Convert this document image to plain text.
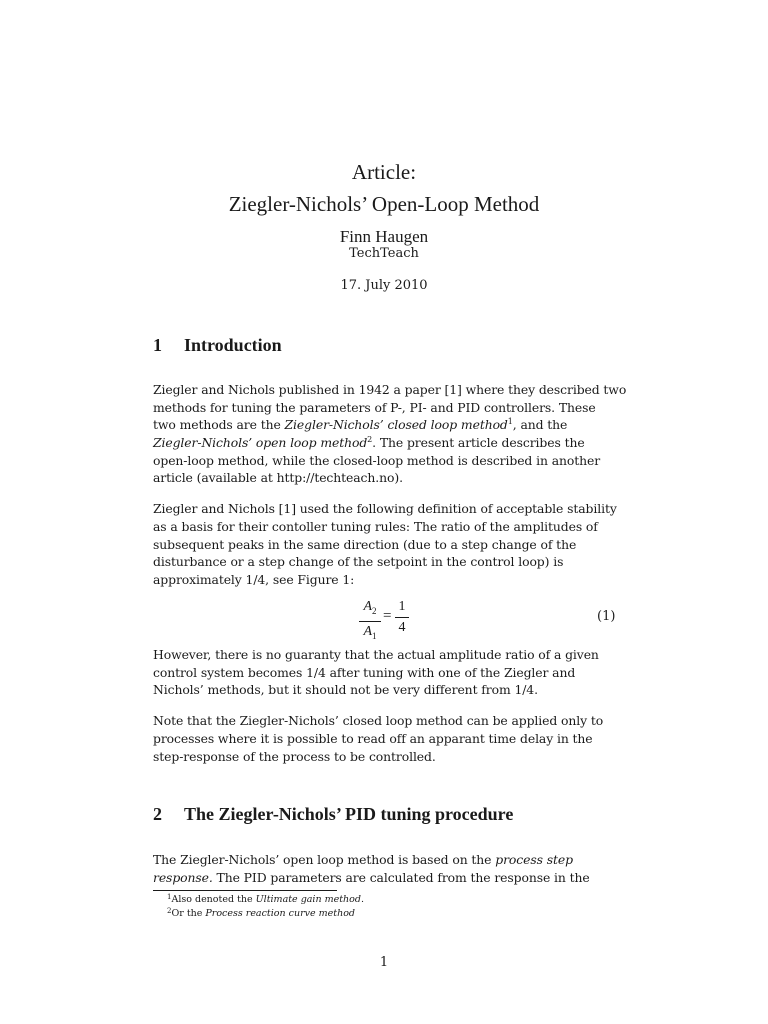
Article:
Ziegler-Nichols’ Open-Loop Method
Finn Haugen
TechTeach
17. July 2010
1 Introduction
Ziegler and Nichols published in 1942 a paper [1] where they described two
methods for tuning the parameters of P-, PI- and PID controllers. These
two methods are the Ziegler-Nichols’ closed loop method$^1$, and the
Ziegler-Nichols’ open loop method$^2$. The present article describes the
open-loop method, while the closed-loop method is described in another
article (available at http://techteach.no).
Ziegler and Nichols [1] used the following definition of acceptable stability
as a basis for their contoller tuning rules: The ratio of the amplitudes of
subsequent peaks in the same direction (due to a step change of the
disturbance or a step change of the setpoint in the control loop) is
approximately 1/4, see Figure 1:
$A_2$
$A_1$
=
1
4
(1)
However, there is no guaranty that the actual amplitude ratio of a given
control system becomes 1/4 after tuning with one of the Ziegler and
Nichols’ methods, but it should not be very different from 1/4.
Note that the Ziegler-Nichols’ closed loop method can be applied only to
processes where it is possible to read off an apparant time delay in the
step-response of the process to be controlled.
2 The Ziegler-Nichols’ PID tuning procedure
The Ziegler-Nichols’ open loop method is based on the process step
response. The PID parameters are calculated from the response in the
$^1$Also denoted the Ultimate gain method.
$^2$Or the Process reaction curve method
1
